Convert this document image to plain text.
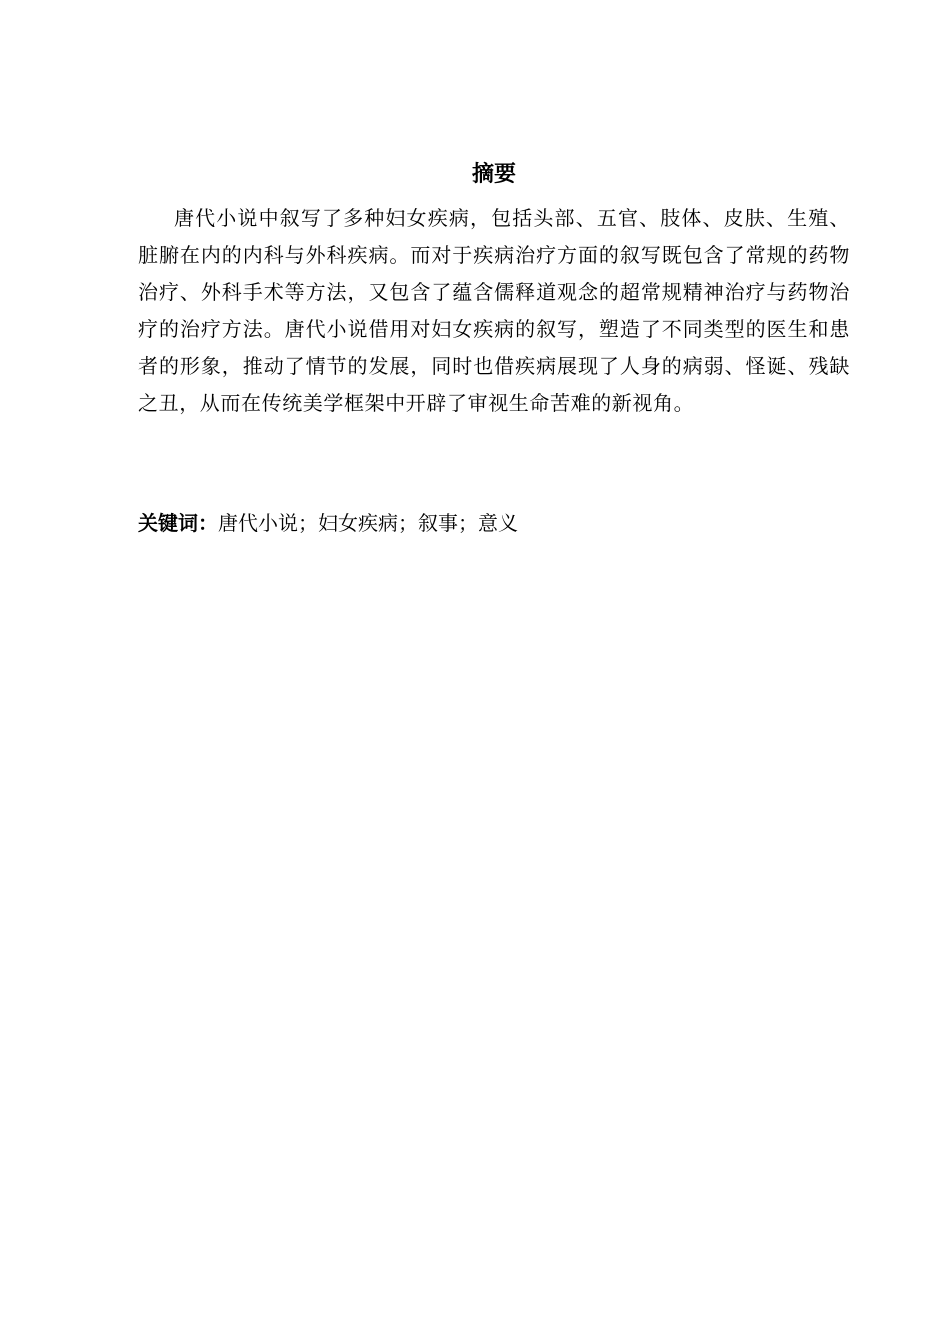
摘要

唐代小说中叙写了多种妇女疾病，包括头部、五官、肢体、皮肤、生殖、脏腑在内的内科与外科疾病。而对于疾病治疗方面的叙写既包含了常规的药物治疗、外科手术等方法，又包含了蕴含儒释道观念的超常规精神治疗与药物治疗的治疗方法。唐代小说借用对妇女疾病的叙写，塑造了不同类型的医生和患者的形象，推动了情节的发展，同时也借疾病展现了人身的病弱、怪诞、残缺之丑，从而在传统美学框架中开辟了审视生命苦难的新视角。

关键词：唐代小说；妇女疾病；叙事；意义
